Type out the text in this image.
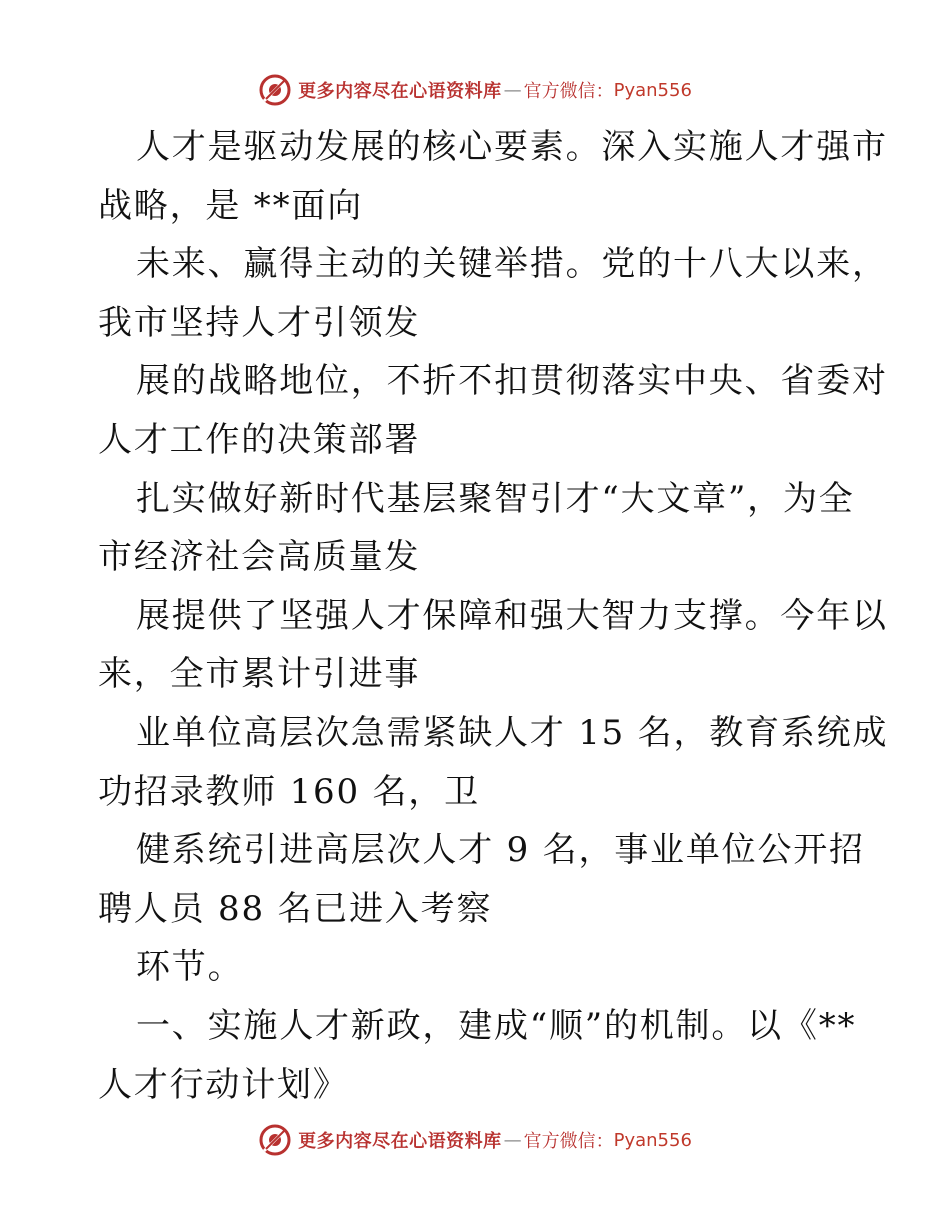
更多内容尽在心语资料库 — 官方微信： Pyan556
人才是驱动发展的核心要素。深入实施人才强市
战略，是 **面向
未来、赢得主动的关键举措。党的十八大以来，
我市坚持人才引领发
展的战略地位，不折不扣贯彻落实中央、省委对
人才工作的决策部署
扎实做好新时代基层聚智引才“大文章”，为全
市经济社会高质量发
展提供了坚强人才保障和强大智力支撑。今年以
来，全市累计引进事
业单位高层次急需紧缺人才 15 名，教育系统成
功招录教师 160 名，卫
健系统引进高层次人才 9 名，事业单位公开招
聘人员 88 名已进入考察
环节。
一、实施人才新政，建成“顺”的机制。以《**
人才行动计划》
更多内容尽在心语资料库 — 官方微信： Pyan556
